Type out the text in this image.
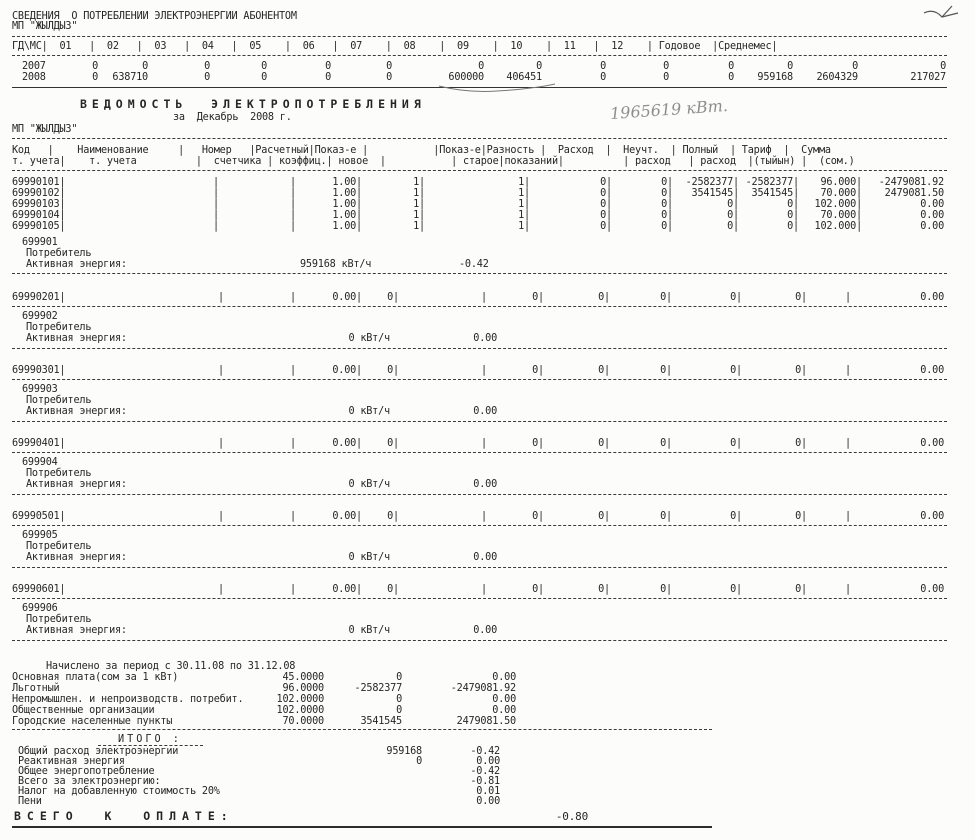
СВЕДЕНИЯ  О ПОТРЕБЛЕНИИ ЭЛЕКТРОЭНЕРГИИ АБОНЕНТОМ
МП "ЖЫЛДЫЗ"
ГД\МС|  01   |  02   |  03   |  04   |  05    |  06   |  07    |  08    |  09    |  10    |  11   |  12    | Годовое  |Среднемес|
2007	0	0	0	0	0	0	0	0	0	0	0	0	0	0
2008	0	638710	0	0	0	0	600000	406451	0	0	0	959168	2604329	217027
ВЕДОМОСТЬ  ЭЛЕКТРОПОТРЕБЛЕНИЯ
за  Декабрь  2008 г.	1965619 кВт.
МП "ЖЫЛДЫЗ"
Код   |    Наименование     |   Номер   |Расчетный|Показ-е |           |Показ-е|Разность |  Расход  |  Неучт.  | Полный  | Тариф  |  Сумма
т. учета|    т. учета          |  счетчика | коэффиц.| новое  |           | старое|показаний|          | расход   | расход  |(тыйын) |  (сом.)
69990101|	|	|	1.00|	1|	1|	0|	0|	-2582377| -2582377|	96.000|	-2479081.92
69990102|	|	|	1.00|	1|	1|	0|	0|	3541545|	3541545|	70.000|	2479081.50
69990103|	|	|	1.00|	1|	1|	0|	0|	0|	0|	102.000|	0.00
69990104|	|	|	1.00|	1|	1|	0|	0|	0|	0|	70.000|	0.00
69990105|	|	|	1.00|	1|	1|	0|	0|	0|	0|	102.000|	0.00
699901
Потребитель
Активная энергия:	959168 кВт/ч	-0.42
69990201|	|	|	0.00|	0|	|	0|	0|	0|	0|	0|	|	0.00
699902
Потребитель
Активная энергия:	0 кВт/ч	0.00
69990301|	|	|	0.00|	0|	|	0|	0|	0|	0|	0|	|	0.00
699903
Потребитель
Активная энергия:	0 кВт/ч	0.00
69990401|	|	|	0.00|	0|	|	0|	0|	0|	0|	0|	|	0.00
699904
Потребитель
Активная энергия:	0 кВт/ч	0.00
69990501|	|	|	0.00|	0|	|	0|	0|	0|	0|	0|	|	0.00
699905
Потребитель
Активная энергия:	0 кВт/ч	0.00
69990601|	|	|	0.00|	0|	|	0|	0|	0|	0|	0|	|	0.00
699906
Потребитель
Активная энергия:	0 кВт/ч	0.00
Начислено за период с 30.11.08 по 31.12.08
Основная плата(сом за 1 кВт)	45.0000	0	0.00
Льготный	96.0000	-2582377	-2479081.92
Непромышлен. и непроизводств. потребит.	102.0000	0	0.00
Общественные организации	102.0000	0	0.00
Городские населенные пункты	70.0000	3541545	2479081.50
ИТОГО :
Общий расход электроэнергии	959168	-0.42
Реактивная энергия	0	0.00
Общее энергопотребление	-0.42
Всего за электроэнергию:	-0.81
Налог на добавленную стоимость 20%	0.01
Пени	0.00
ВСЕГО  К  ОПЛАТЕ:	-0.80
